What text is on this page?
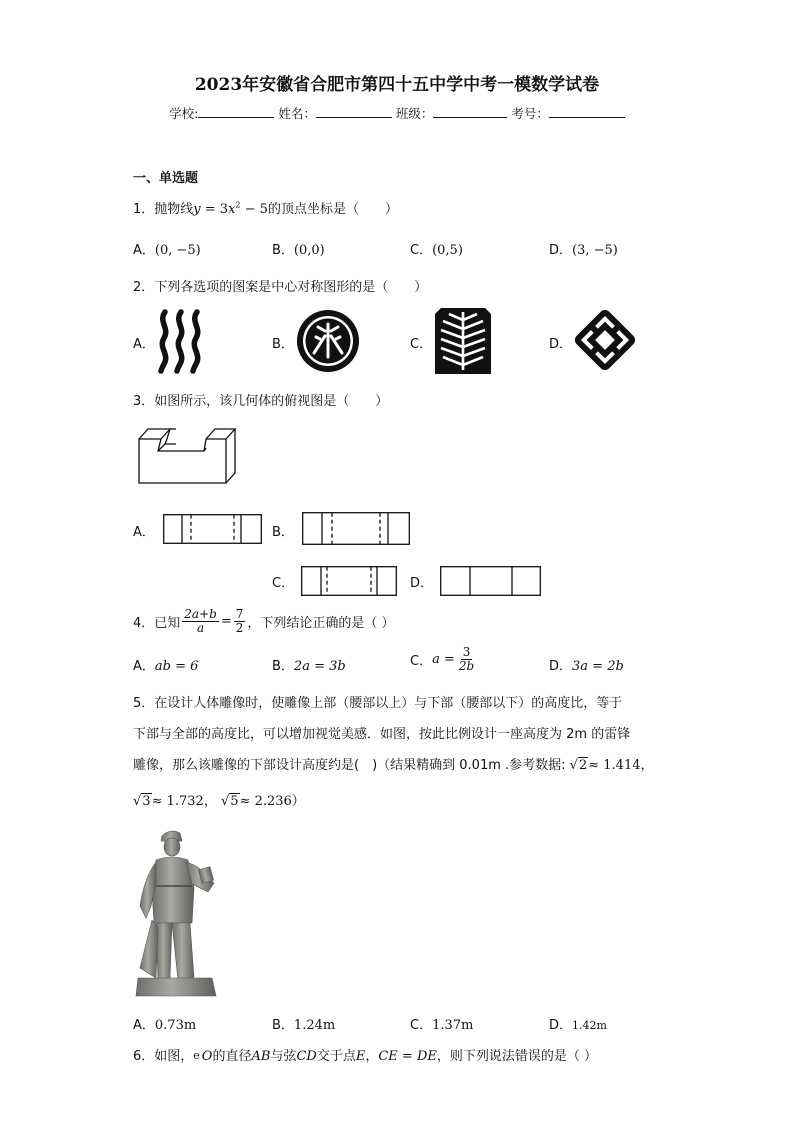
2023年安徽省合肥市第四十五中学中考一模数学试卷
学校:	姓名：	班级：	考号：
一、单选题
1．抛物线$y = 3x^2 - 5$的顶点坐标是（　　）
A．(0, −5)	B．(0,0)	C．(0,5)	D．(3, −5)
2．下列各选项的图案是中心对称图形的是（　　）
A．	B．	C．	D．
3．如图所示，该几何体的俯视图是（　　）
A．	B．
C．	D．
4．已知 $\frac{2a+b}{a} = \frac{7}{2}$ ，下列结论正确的是（ ）
A．ab = 6	B．2a = 3b	C．$a = \frac{3}{2b}$	D．3a = 2b
5．在设计人体雕像时，使雕像上部（腰部以上）与下部（腰部以下）的高度比，等于
下部与全部的高度比，可以增加视觉美感．如图，按此比例设计一座高度为 2m 的雷锋
雕像，那么该雕像的下部设计高度约是(　)（结果精确到 0.01m .参考数据: √2≈ 1.414，
√3≈ 1.732， √5≈ 2.236）
A．0.73m	B．1.24m	C．1.37m	D．1.42m
6．如图，e O的直径AB与弦CD交于点E，CE = DE，则下列说法错误的是（ ）
